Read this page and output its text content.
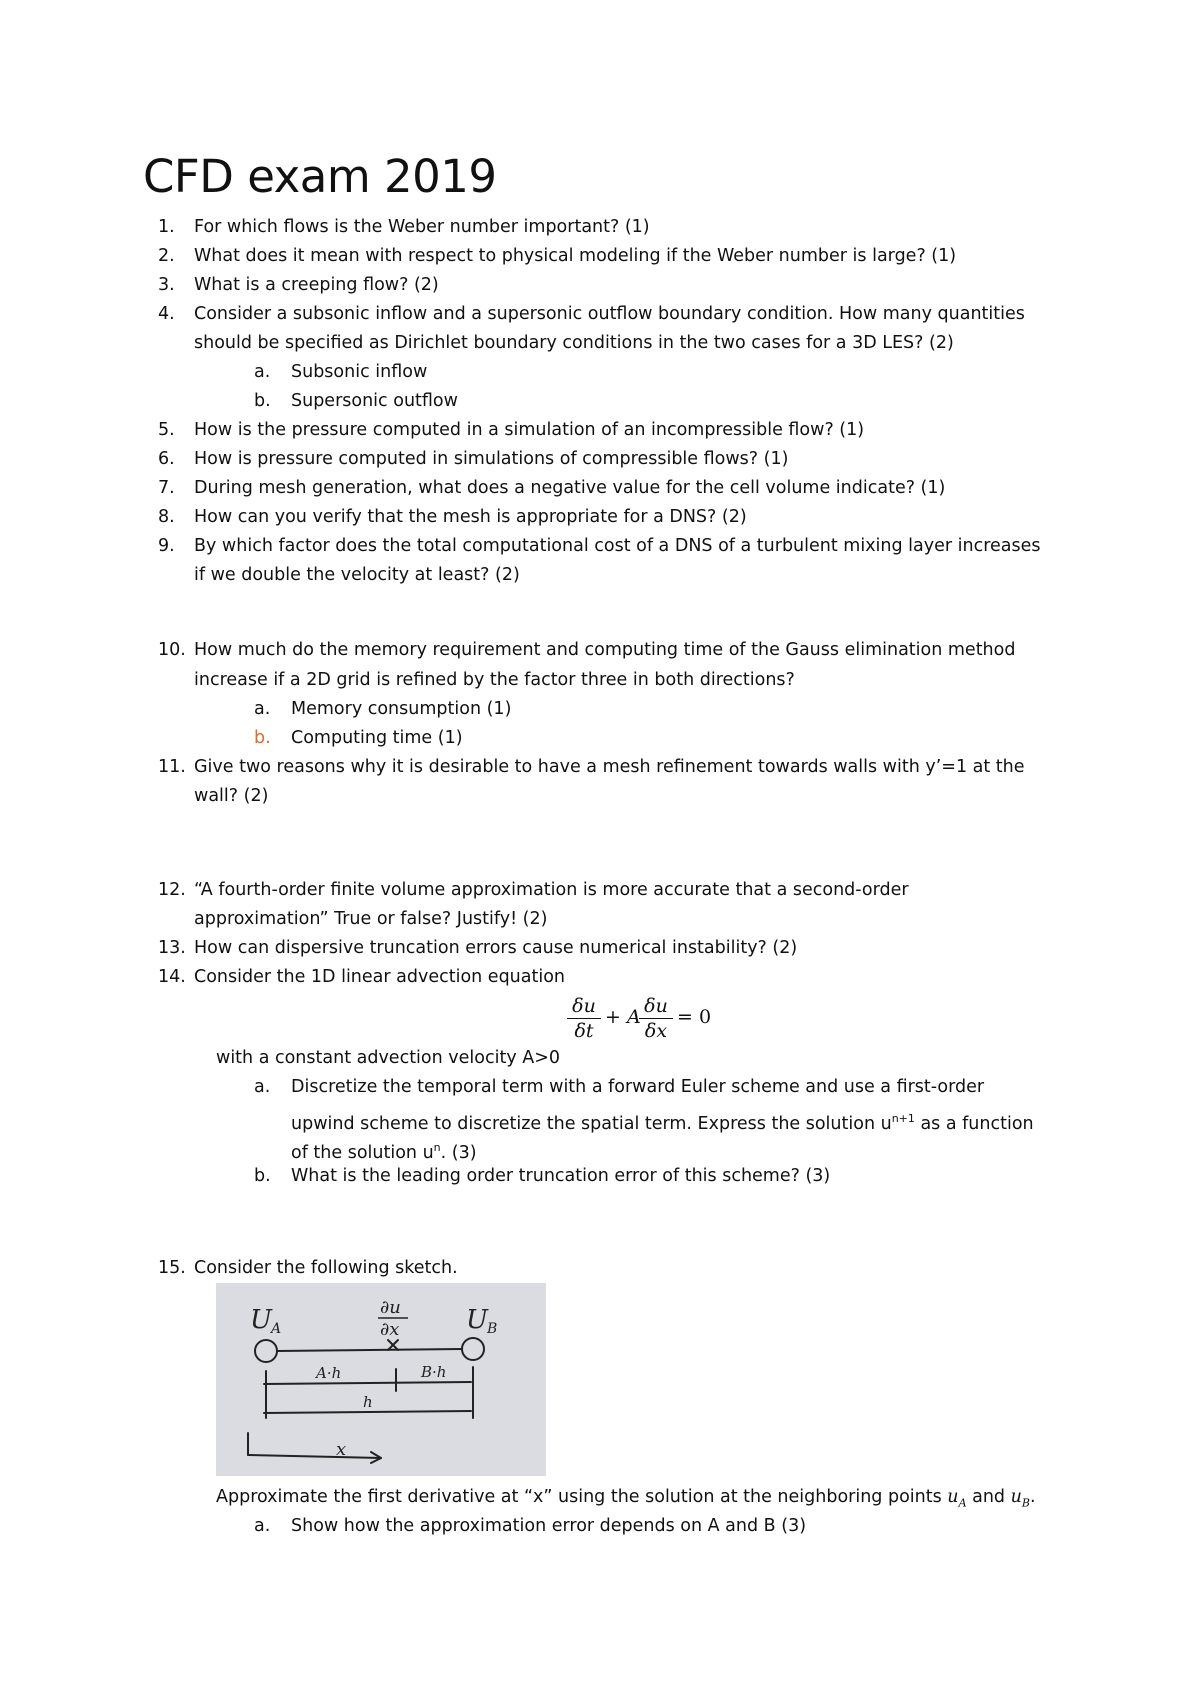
CFD exam 2019
1. For which flows is the Weber number important? (1)
2. What does it mean with respect to physical modeling if the Weber number is large? (1)
3. What is a creeping flow? (2)
4. Consider a subsonic inflow and a supersonic outflow boundary condition. How many quantities
should be specified as Dirichlet boundary conditions in the two cases for a 3D LES? (2)
a. Subsonic inflow
b. Supersonic outflow
5. How is the pressure computed in a simulation of an incompressible flow? (1)
6. How is pressure computed in simulations of compressible flows? (1)
7. During mesh generation, what does a negative value for the cell volume indicate? (1)
8. How can you verify that the mesh is appropriate for a DNS? (2)
9. By which factor does the total computational cost of a DNS of a turbulent mixing layer increases
if we double the velocity at least? (2)
10. How much do the memory requirement and computing time of the Gauss elimination method
increase if a 2D grid is refined by the factor three in both directions?
a. Memory consumption (1)
b. Computing time (1)
11. Give two reasons why it is desirable to have a mesh refinement towards walls with y’=1 at the
wall? (2)
12. “A fourth-order finite volume approximation is more accurate that a second-order
approximation” True or false? Justify! (2)
13. How can dispersive truncation errors cause numerical instability? (2)
14. Consider the 1D linear advection equation
δu
δt
+ A δu
δx
= 0
with a constant advection velocity A>0
a. Discretize the temporal term with a forward Euler scheme and use a first-order
upwind scheme to discretize the spatial term. Express the solution $u^{n+1}$ as a function
of the solution $u^n$. (3)
b. What is the leading order truncation error of this scheme? (3)
15. Consider the following sketch.
U A
∂u
∂x	U B
A·h	B·h
h
x
Approximate the first derivative at “x” using the solution at the neighboring points $u_A$ and $u_B$.
a. Show how the approximation error depends on A and B (3)
